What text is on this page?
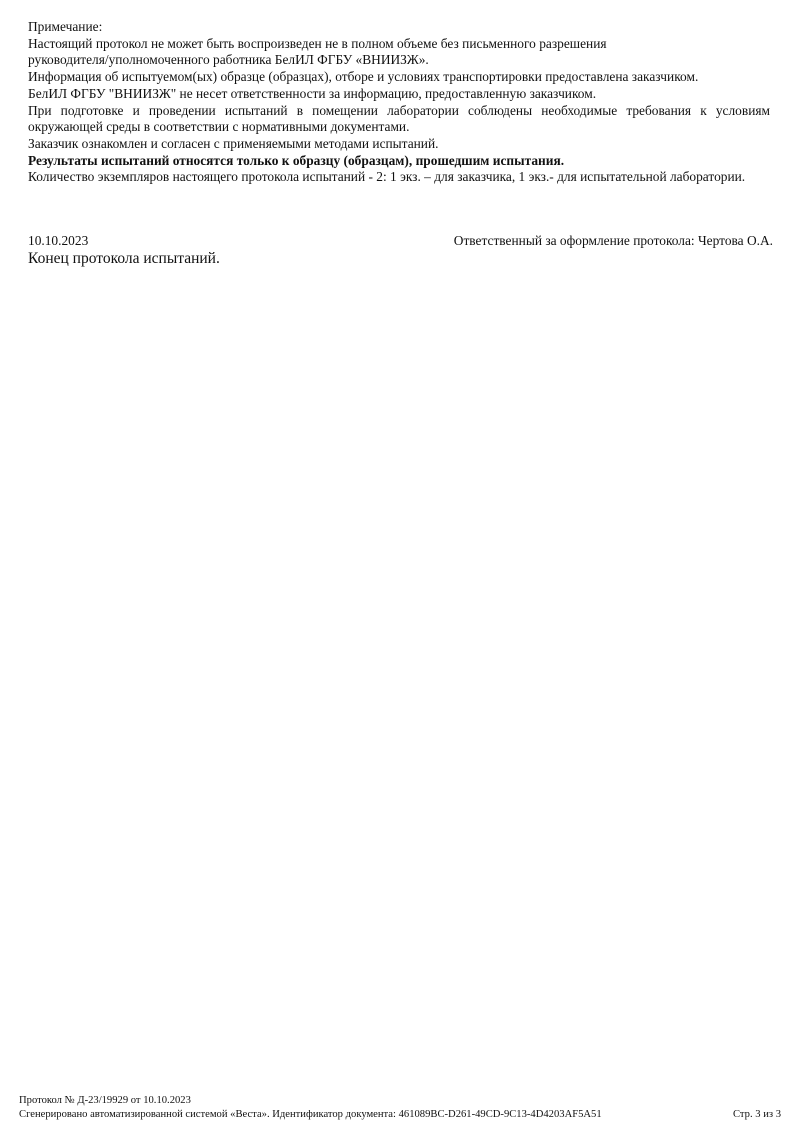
Примечание:

Настоящий протокол не может быть воспроизведен не в полном объеме без письменного разрешения

руководителя/уполномоченного работника БелИЛ ФГБУ «ВНИИЗЖ».

Информация об испытуемом(ых) образце (образцах), отборе и условиях транспортировки предоставлена заказчиком.

БелИЛ ФГБУ "ВНИИЗЖ" не несет ответственности за информацию, предоставленную заказчиком.

При подготовке и проведении испытаний в помещении лаборатории соблюдены необходимые требования к условиям окружающей среды в соответствии с нормативными документами.

Заказчик ознакомлен и согласен с применяемыми методами испытаний.

Результаты испытаний относятся только к образцу (образцам), прошедшим испытания.

Количество экземпляров настоящего протокола испытаний - 2: 1 экз. – для заказчика, 1 экз.- для испытательной лаборатории.

10.10.2023	Ответственный за оформление протокола: Чертова О.А.
Конец протокола испытаний.
Протокол № Д-23/19929 от 10.10.2023
Сгенерировано автоматизированной системой «Веста». Идентификатор документа: 461089BC-D261-49CD-9C13-4D4203AF5A51	Стр. 3 из 3
